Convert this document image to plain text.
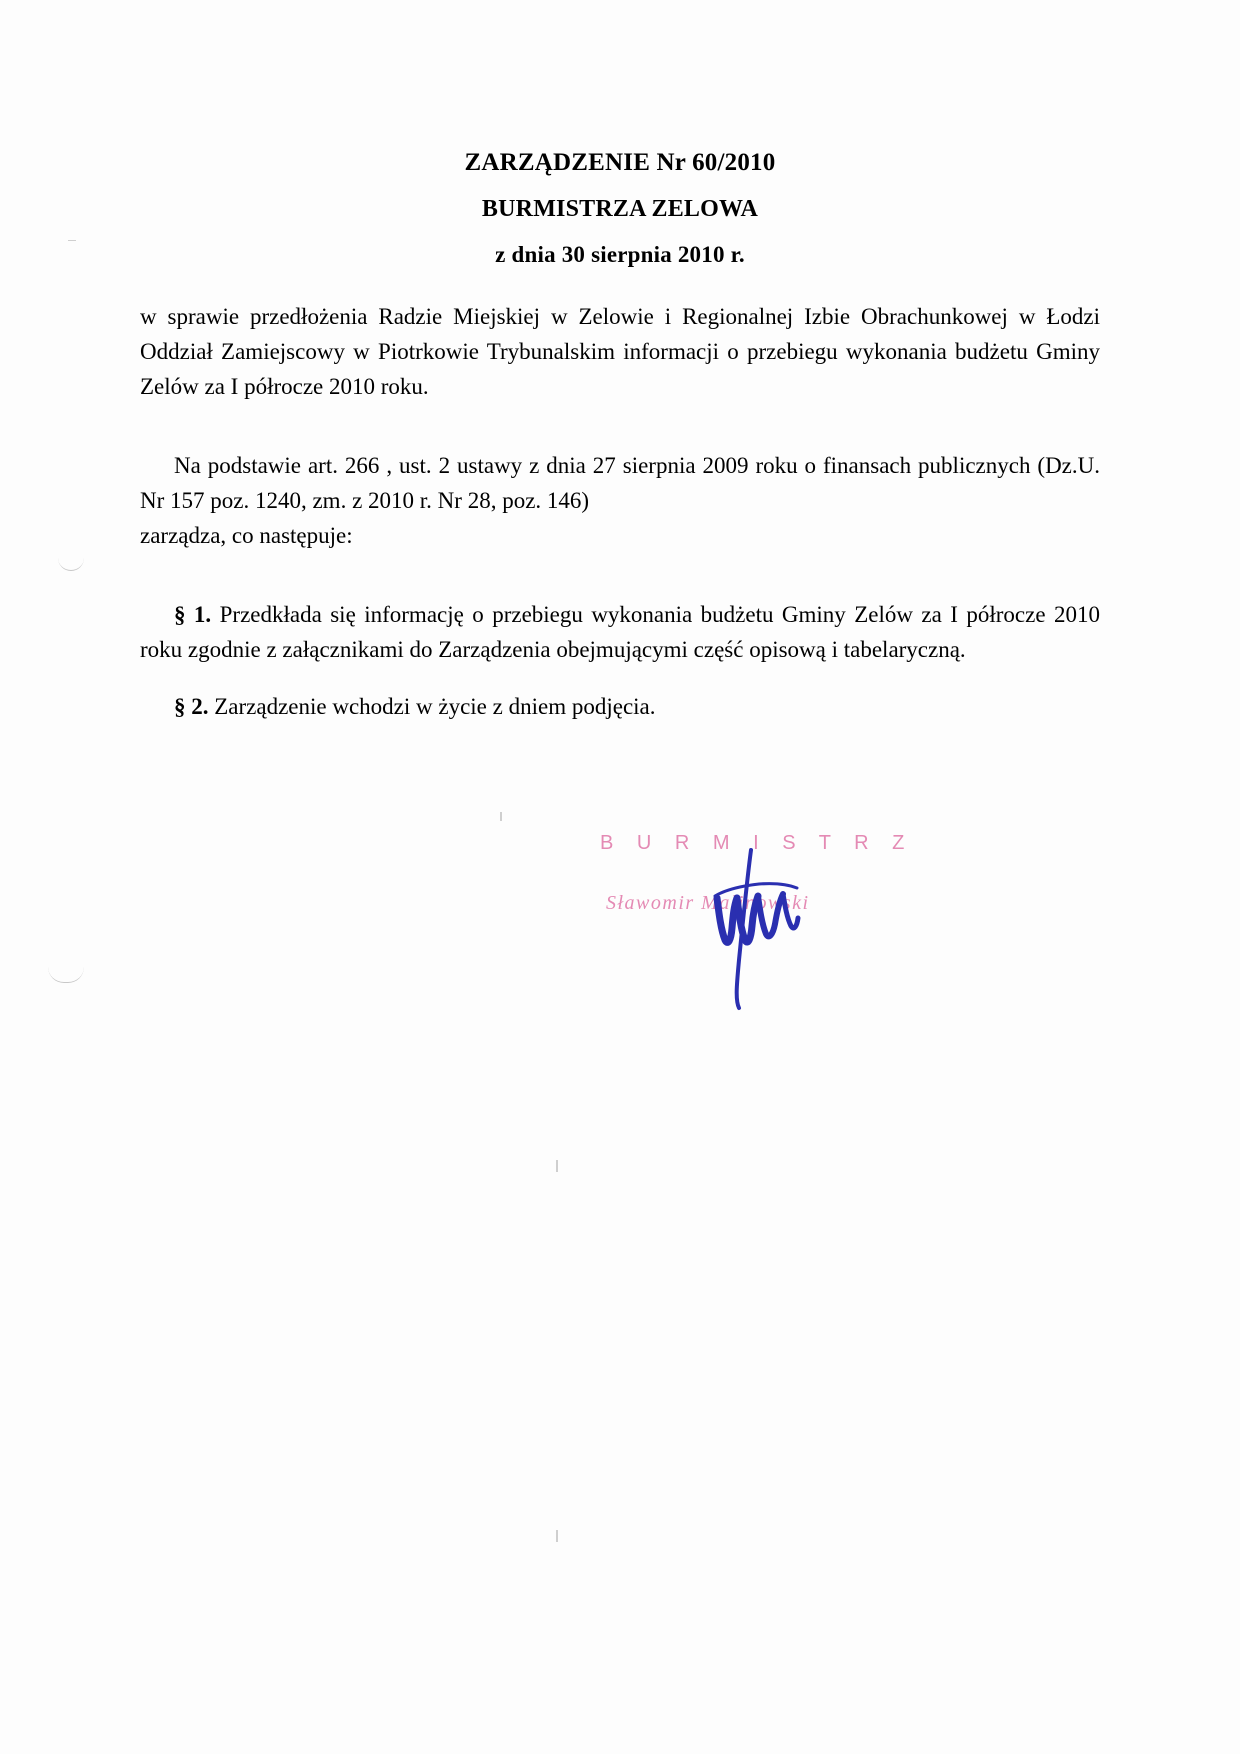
ZARZĄDZENIE Nr 60/2010
BURMISTRZA ZELOWA
z dnia 30 sierpnia 2010 r.

w sprawie przedłożenia Radzie Miejskiej w Zelowie i Regionalnej Izbie Obrachunkowej w Łodzi Oddział Zamiejscowy w Piotrkowie Trybunalskim informacji o przebiegu wykonania budżetu Gminy Zelów za I półrocze 2010 roku.

Na podstawie art. 266 , ust. 2 ustawy z dnia 27 sierpnia 2009 roku o finansach publicznych (Dz.U. Nr 157 poz. 1240, zm. z 2010 r. Nr 28, poz. 146)

zarządza, co następuje:

§ 1. Przedkłada się informację o przebiegu wykonania budżetu Gminy Zelów za I półrocze 2010 roku zgodnie z załącznikami do Zarządzenia obejmującymi część opisową i tabelaryczną.

§ 2. Zarządzenie wchodzi w życie z dniem podjęcia.

B U R M I S T R Z
Sławomir Malinowski
